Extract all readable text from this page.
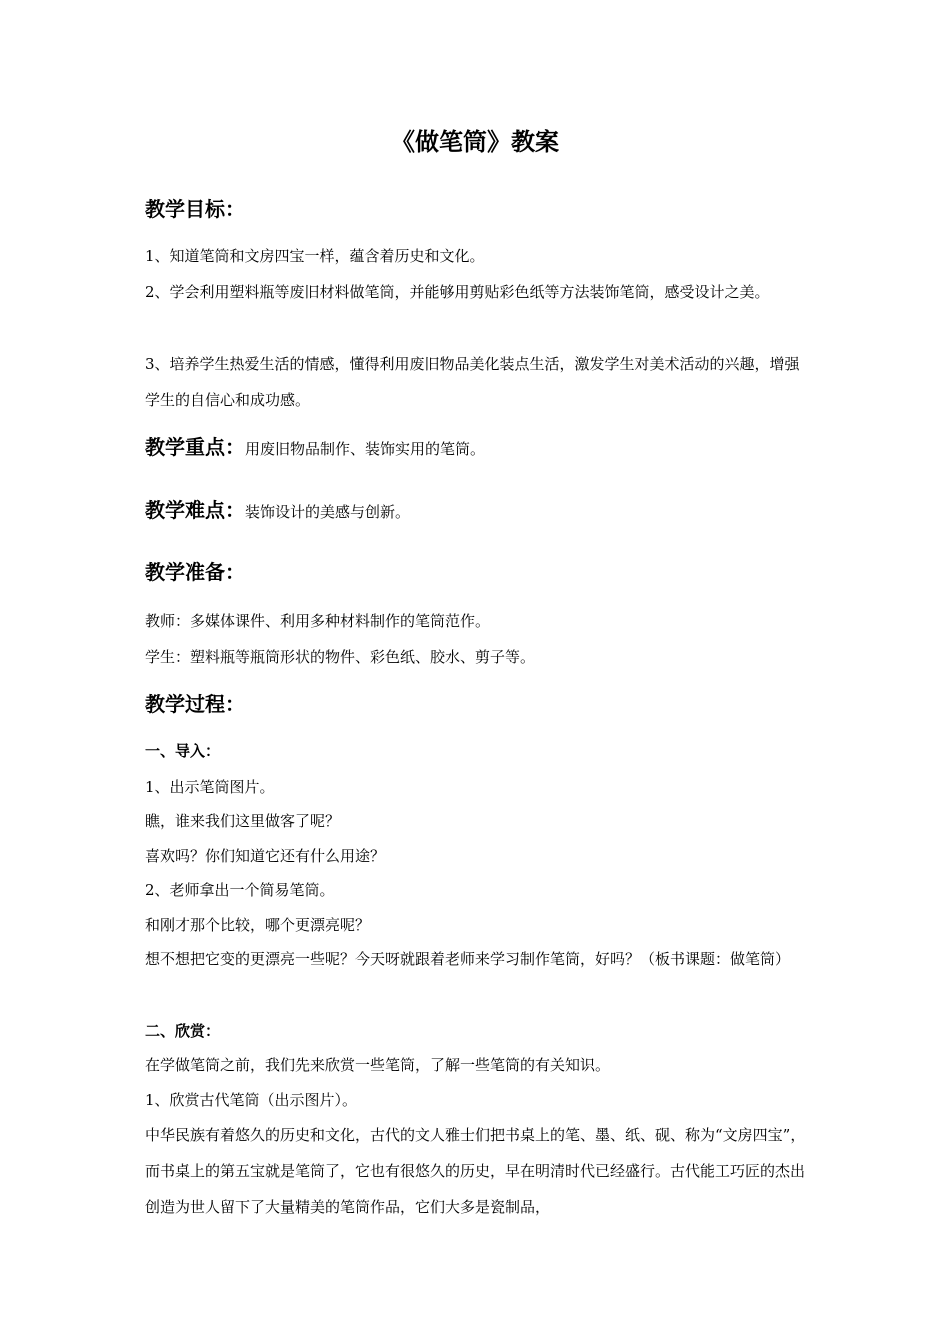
《做笔筒》教案
教学目标：
1、知道笔筒和文房四宝一样，蕴含着历史和文化。
2、学会利用塑料瓶等废旧材料做笔筒，并能够用剪贴彩色纸等方法装饰笔筒，感受设计之美。
3、培养学生热爱生活的情感，懂得利用废旧物品美化装点生活，激发学生对美术活动的兴趣，增强学生的自信心和成功感。
教学重点：用废旧物品制作、装饰实用的笔筒。
教学难点：装饰设计的美感与创新。
教学准备：
教师：多媒体课件、利用多种材料制作的笔筒范作。
学生：塑料瓶等瓶筒形状的物件、彩色纸、胶水、剪子等。
教学过程：
一、导入：
1、出示笔筒图片。
瞧，谁来我们这里做客了呢？
喜欢吗？你们知道它还有什么用途？
2、老师拿出一个简易笔筒。
和刚才那个比较，哪个更漂亮呢？
想不想把它变的更漂亮一些呢？今天呀就跟着老师来学习制作笔筒，好吗？（板书课题：做笔筒）
二、欣赏：
在学做笔筒之前，我们先来欣赏一些笔筒，了解一些笔筒的有关知识。
1、欣赏古代笔筒（出示图片）。
中华民族有着悠久的历史和文化，古代的文人雅士们把书桌上的笔、墨、纸、砚、称为“文房四宝”，而书桌上的第五宝就是笔筒了，它也有很悠久的历史，早在明清时代已经盛行。古代能工巧匠的杰出创造为世人留下了大量精美的笔筒作品，它们大多是瓷制品，
